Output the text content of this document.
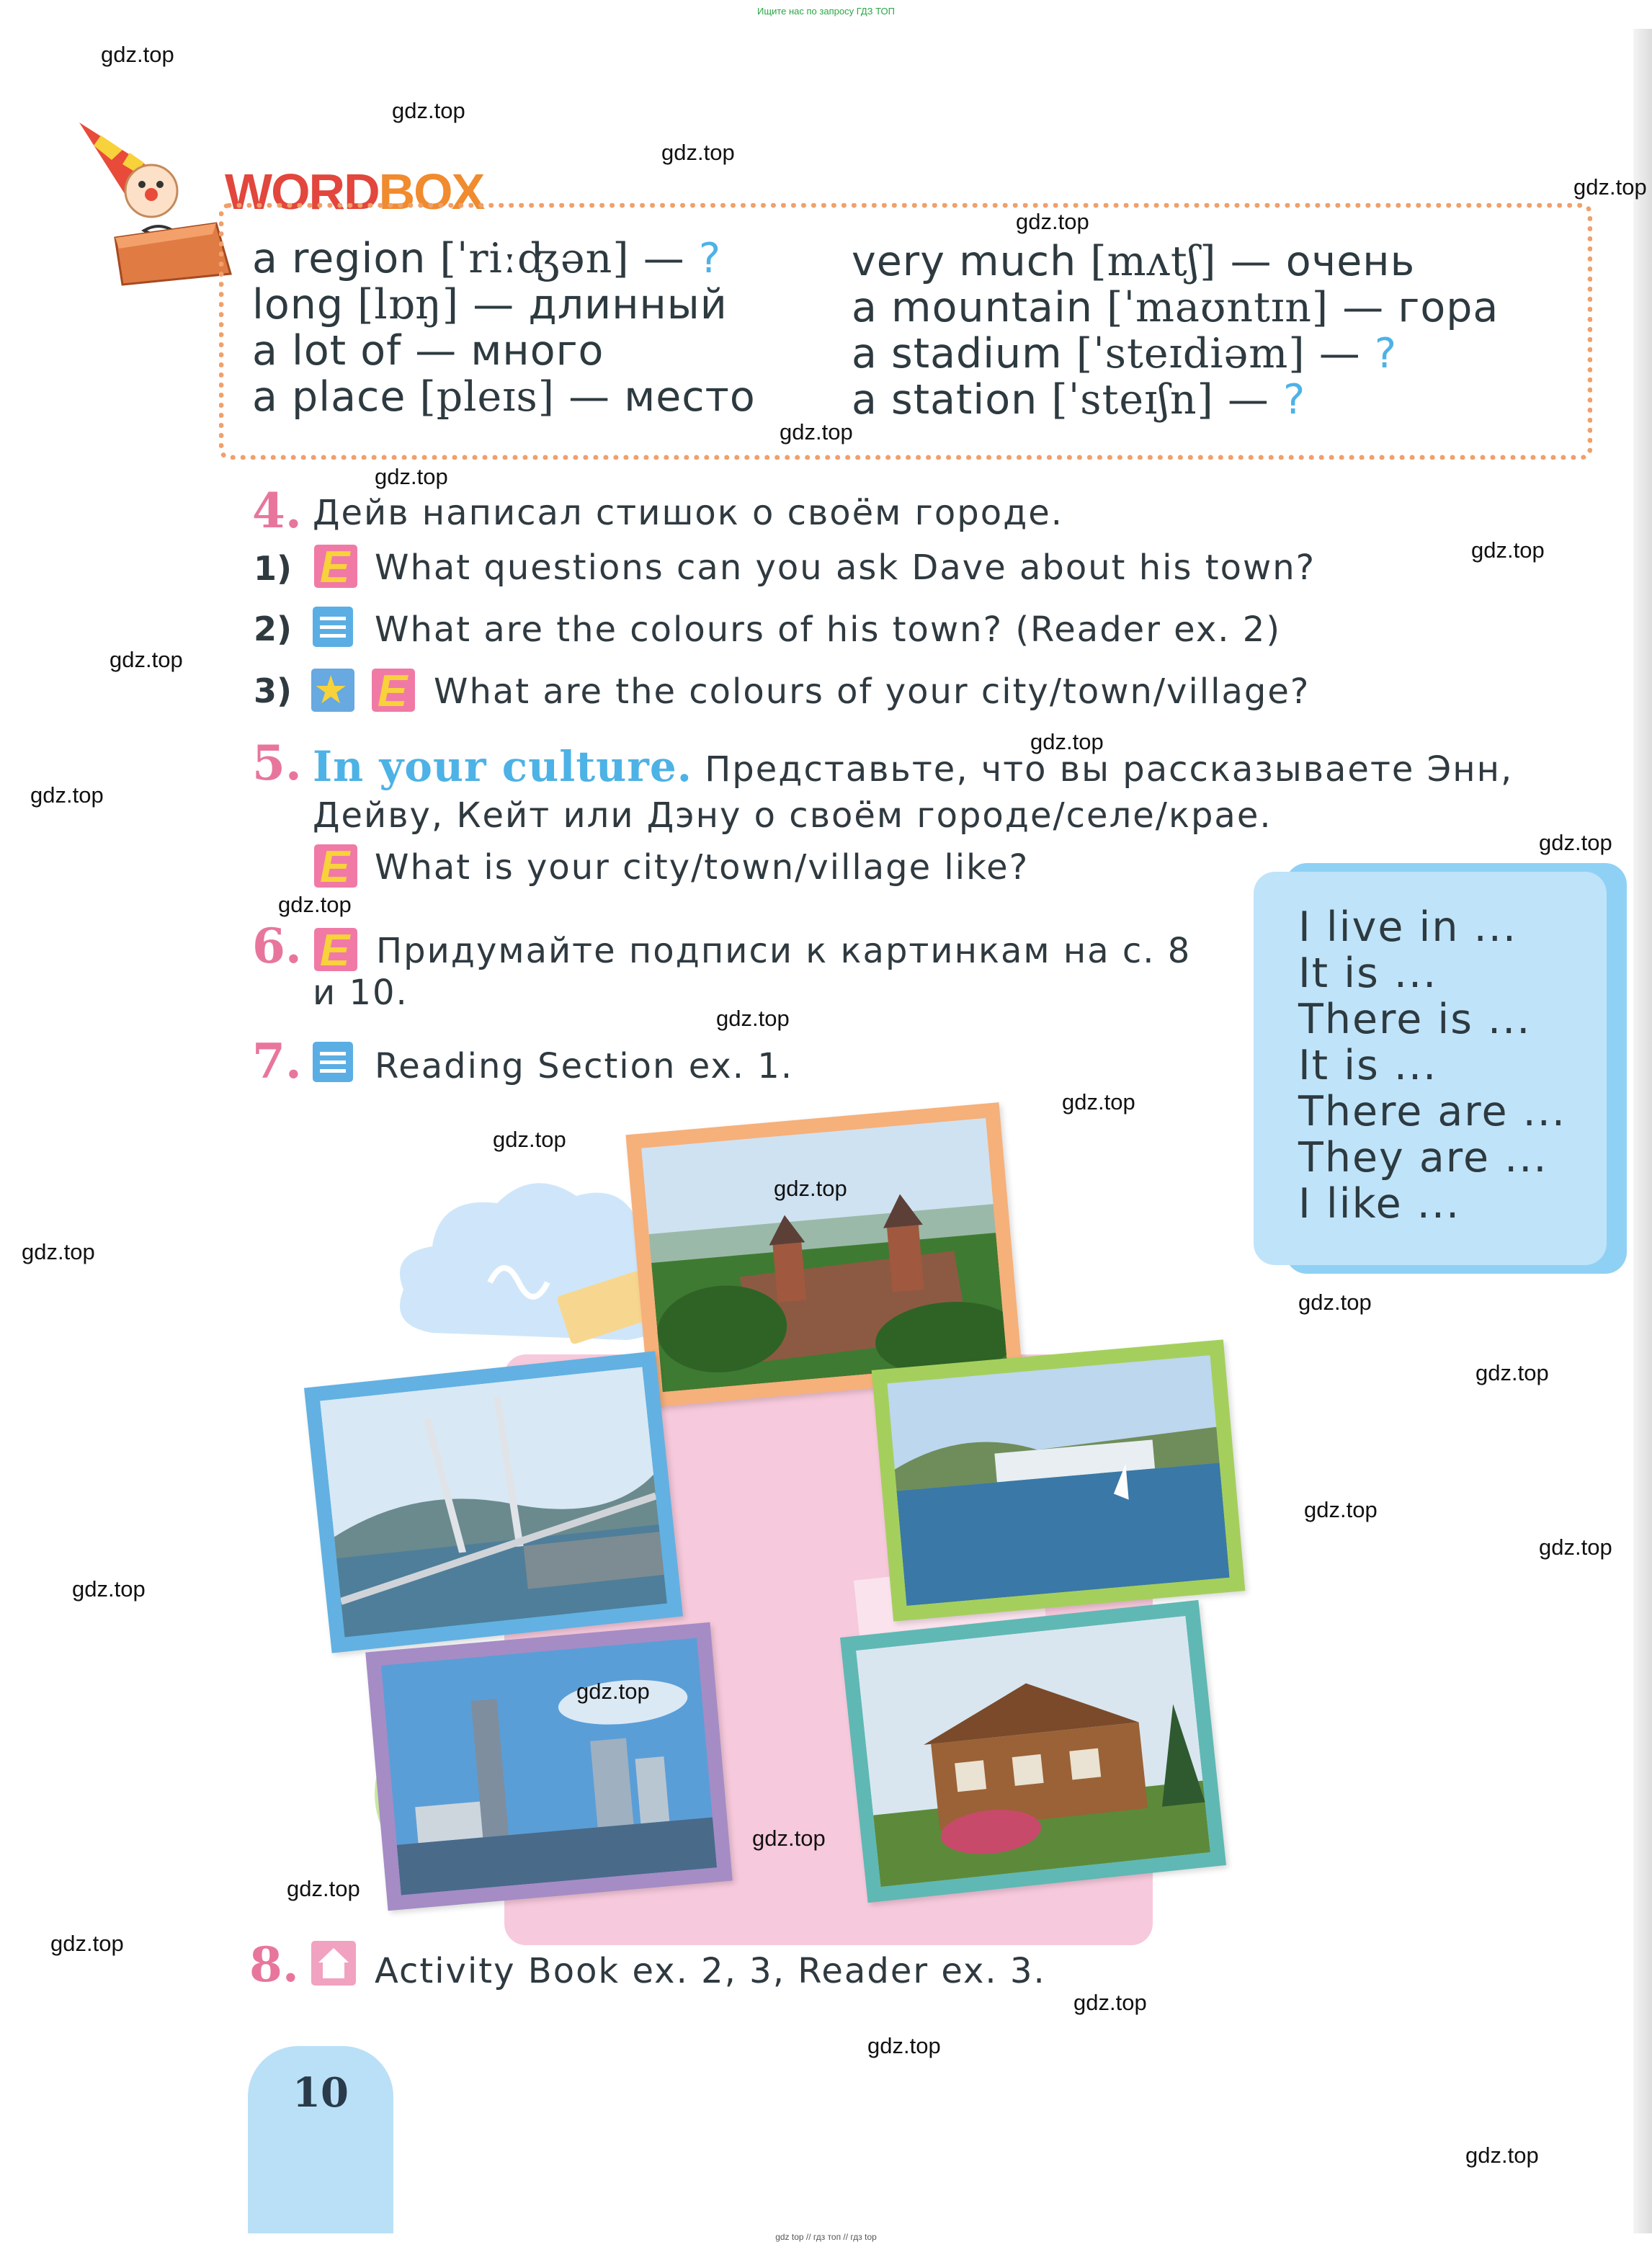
Ищите нас по запросу ГДЗ ТОП
WORDBOX
a region [ˈriːʤən] — ?
long [lɒŋ] — длинный
a lot of — много
a place [pleɪs] — место
very much [mʌtʃ] — очень
a mountain [ˈmaʊntɪn] — гора
a stadium [ˈsteɪdiəm] — ?
a station [ˈsteɪʃn] — ?
4. Дейв написал стишок о своём городе.
1) E What questions can you ask Dave about his town?
2) What are the colours of his town? (Reader ex. 2)
3) ★ E What are the colours of your city/town/village?
5. In your culture. Представьте, что вы рассказываете Энн,
Дейву, Кейт или Дэну о своём городе/селе/крае.
E What is your city/town/village like?
6. E Придумайте подписи к картинкам на с. 8
и 10.
7. Reading Section ex. 1.
I live in ...
It is ...
There is ...
It is ...
There are ...
They are ...
I like ...
8. Activity Book ex. 2, 3, Reader ex. 3.
10
gdz.top
gdz.top
gdz.top
gdz.top
gdz.top
gdz.top
gdz.top
gdz.top
gdz.top
gdz.top
gdz.top
gdz.top
gdz.top
gdz.top
gdz.top
gdz.top
gdz.top
gdz.top
gdz.top
gdz.top
gdz.top
gdz.top
gdz.top
gdz.top
gdz.top
gdz.top
gdz.top
gdz.top
gdz.top
gdz.top
gdz top // гдз топ // гдз top
